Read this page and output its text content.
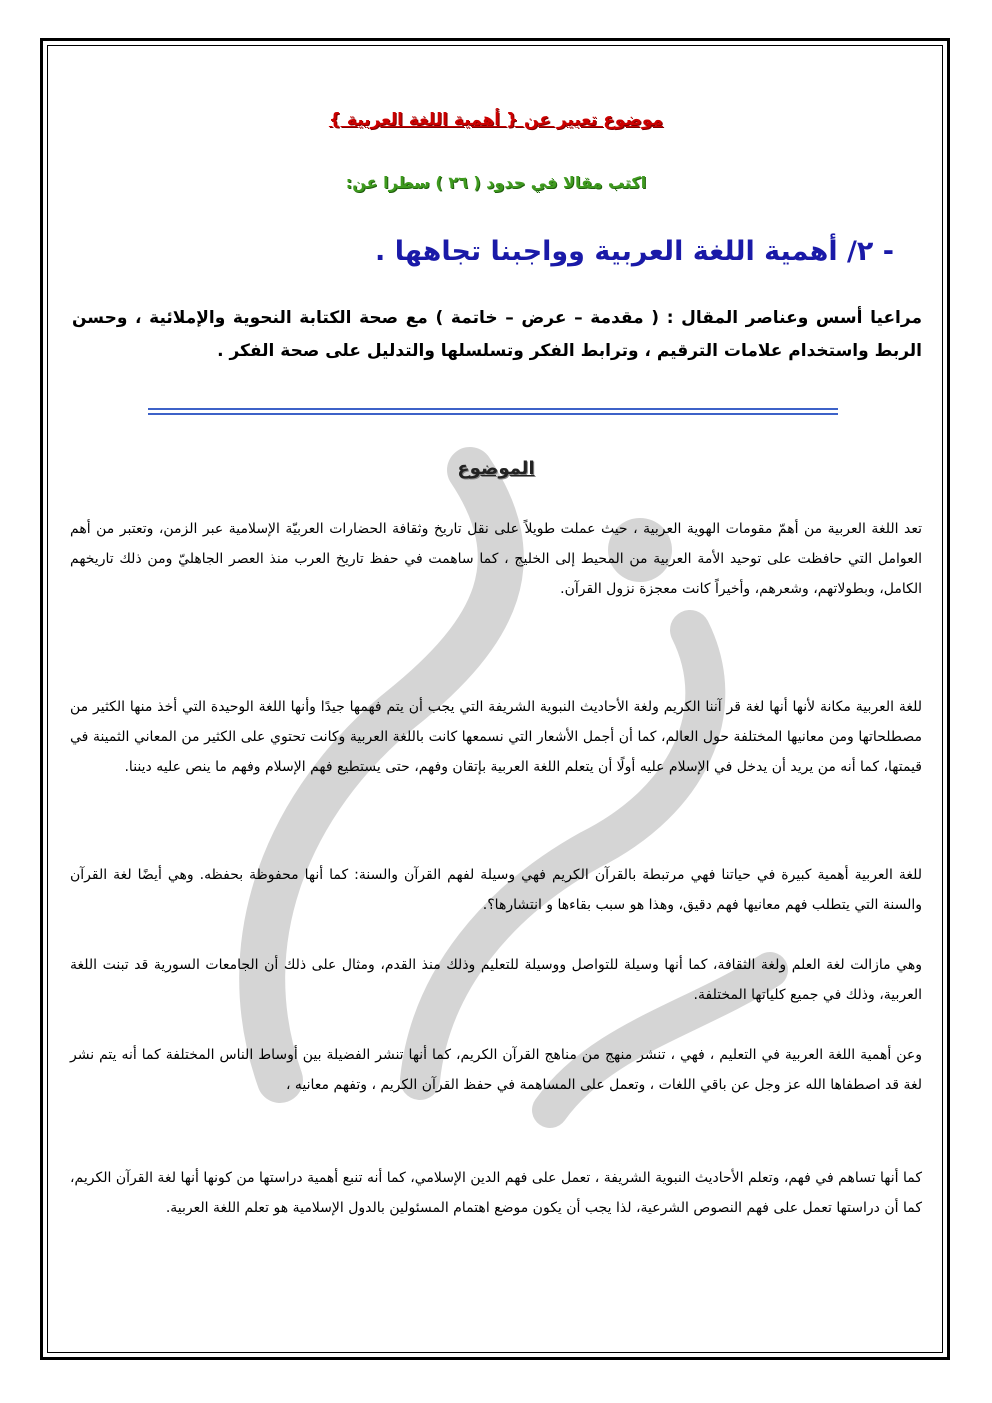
موضوع تعبير عن { أهمية اللغة العربية }
اكتب مقالا في حدود ( ٢٦ ) سطرا عن:
- ٢/ أهمية اللغة العربية وواجبنا تجاهها .
مراعيا أسس وعناصر المقال : ( مقدمة – عرض – خاتمة ) مع صحة الكتابة النحوية والإملائية ، وحسن الربط واستخدام علامات الترقيم ، وترابط الفكر وتسلسلها والتدليل على صحة الفكر .
الموضوع

تعد اللغة العربية من أهمّ مقومات الهوية العربية ، حيث عملت طويلاً على نقل تاريخ وثقافة الحضارات العربيّة الإسلامية عبر الزمن، وتعتبر من أهم العوامل التي حافظت على توحيد الأمة العربية من المحيط إلى الخليج ، كما ساهمت في حفظ تاريخ العرب منذ العصر الجاهليّ ومن ذلك تاريخهم الكامل، وبطولاتهم، وشعرهم، وأخيراً كانت معجزة نزول القرآن.

للغة العربية مكانة لأنها أنها لغة قر آننا الكريم ولغة الأحاديث النبوية الشريفة التي يجب أن يتم فهمها جيدًا وأنها اللغة الوحيدة التي أخذ منها الكثير من مصطلحاتها ومن معانيها المختلفة حول العالم، كما أن أجمل الأشعار التي نسمعها كانت باللغة العربية وكانت تحتوي على الكثير من المعاني الثمينة في قيمتها، كما أنه من يريد أن يدخل في الإسلام عليه أولًا أن يتعلم اللغة العربية بإتقان وفهم، حتى يستطيع فهم الإسلام وفهم ما ينص عليه ديننا.

للغة العربية أهمية كبيرة في حياتنا فهي مرتبطة بالقرآن الكريم فهي وسيلة لفهم القرآن والسنة: كما أنها محفوظة بحفظه. وهي أيضًا لغة القرآن والسنة التي يتطلب فهم معانيها فهم دقيق، وهذا هو سبب بقاءها و انتشارها؟.

وهي مازالت لغة العلم ولغة الثقافة، كما أنها وسيلة للتواصل ووسيلة للتعليم وذلك منذ القدم، ومثال على ذلك أن الجامعات السورية قد تبنت اللغة العربية، وذلك في جميع كلياتها المختلفة.

وعن أهمية اللغة العربية في التعليم ، فهي ، تنشر منهج من مناهج القرآن الكريم، كما أنها تنشر الفضيلة بين أوساط الناس المختلفة كما أنه يتم نشر لغة قد اصطفاها الله عز وجل عن باقي اللغات ، وتعمل على المساهمة في حفظ القرآن الكريم ، وتفهم معانيه ،

كما أنها تساهم في فهم، وتعلم الأحاديث النبوية الشريفة ، تعمل على فهم الدين الإسلامي، كما أنه تنبع أهمية دراستها من كونها أنها لغة القرآن الكريم، كما أن دراستها تعمل على فهم النصوص الشرعية، لذا يجب أن يكون موضع اهتمام المسئولين بالدول الإسلامية هو تعلم اللغة العربية.
